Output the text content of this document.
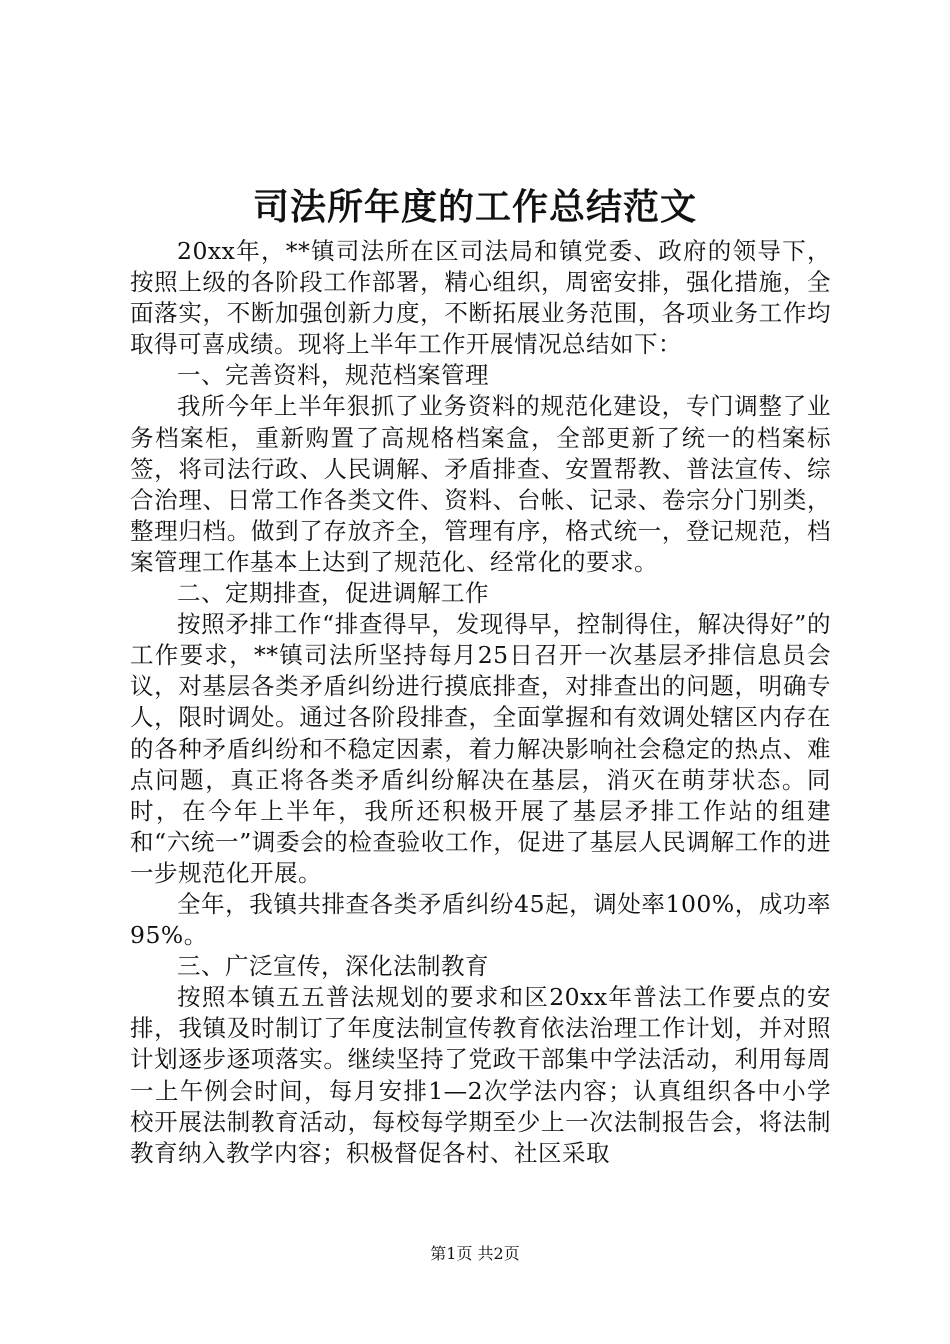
司法所年度的工作总结范文

20xx年，**镇司法所在区司法局和镇党委、政府的领导下，按照上级的各阶段工作部署，精心组织，周密安排，强化措施，全面落实，不断加强创新力度，不断拓展业务范围，各项业务工作均取得可喜成绩。现将上半年工作开展情况总结如下：

一、完善资料，规范档案管理

我所今年上半年狠抓了业务资料的规范化建设，专门调整了业务档案柜，重新购置了高规格档案盒，全部更新了统一的档案标签，将司法行政、人民调解、矛盾排查、安置帮教、普法宣传、综合治理、日常工作各类文件、资料、台帐、记录、卷宗分门别类，整理归档。做到了存放齐全，管理有序，格式统一，登记规范，档案管理工作基本上达到了规范化、经常化的要求。

二、定期排查，促进调解工作

按照矛排工作“排查得早，发现得早，控制得住，解决得好”的工作要求，**镇司法所坚持每月25日召开一次基层矛排信息员会议，对基层各类矛盾纠纷进行摸底排查，对排查出的问题，明确专人，限时调处。通过各阶段排查，全面掌握和有效调处辖区内存在的各种矛盾纠纷和不稳定因素，着力解决影响社会稳定的热点、难点问题，真正将各类矛盾纠纷解决在基层，消灭在萌芽状态。同时，在今年上半年，我所还积极开展了基层矛排工作站的组建和“六统一”调委会的检查验收工作，促进了基层人民调解工作的进一步规范化开展。

全年，我镇共排查各类矛盾纠纷45起，调处率100%，成功率95%。

三、广泛宣传，深化法制教育

按照本镇五五普法规划的要求和区20xx年普法工作要点的安排，我镇及时制订了年度法制宣传教育依法治理工作计划，并对照计划逐步逐项落实。继续坚持了党政干部集中学法活动，利用每周一上午例会时间，每月安排1—2次学法内容；认真组织各中小学校开展法制教育活动，每校每学期至少上一次法制报告会，将法制教育纳入教学内容；积极督促各村、社区采取

第1页 共2页
